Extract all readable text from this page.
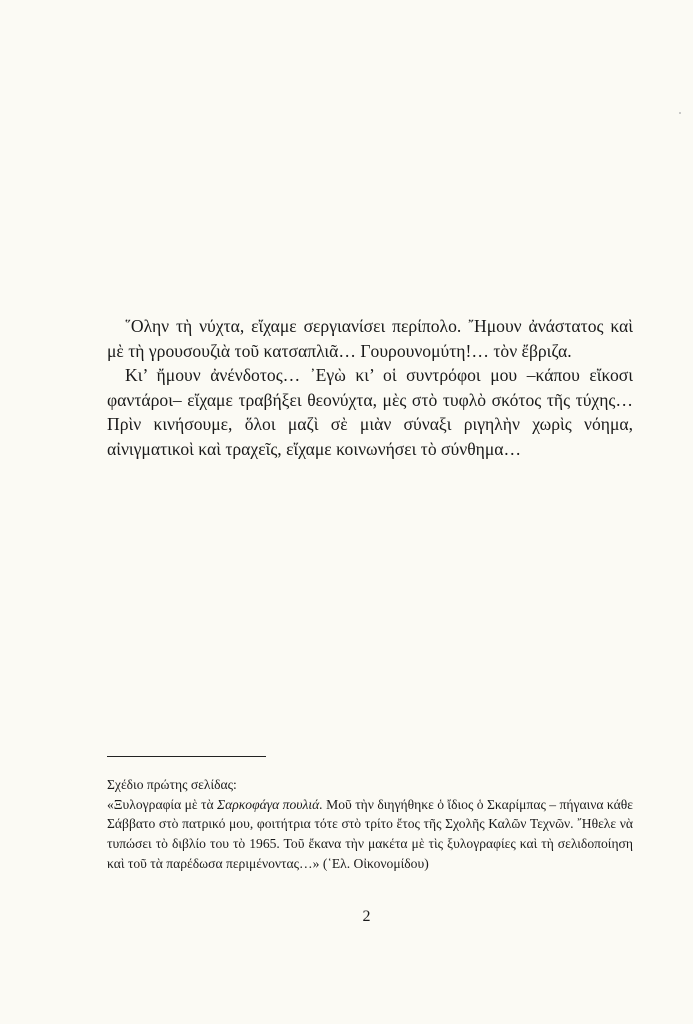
῞Ολην τὴ νύχτα, εἴχαμε σεργιανίσει περίπολο. ῎Ημουν ἀνάστατος καὶ μὲ τὴ γρουσουζιὰ τοῦ κατσαπλιᾶ… Γουρουνομύτη!… τὸν ἔβριζα.

Κι’ ἤμουν ἀνένδοτος… ᾿Εγὼ κι’ οἱ συντρόφοι μου –κάπου εἴκοσι φαντάροι– εἴχαμε τραβήξει θεονύχτα, μὲς στὸ τυφλὸ σκότος τῆς τύχης… Πρὶν κινήσουμε, ὅλοι μαζὶ σὲ μιὰν σύναξι ριγηλὴν χωρὶς νόημα, αἰνιγματικοὶ καὶ τραχεῖς, εἴχαμε κοινωνήσει τὸ σύνθημα…

Σχέδιο πρώτης σελίδας:

«Ξυλογραφία μὲ τὰ Σαρκοφάγα πουλιά. Μοῦ τὴν διηγήθηκε ὁ ἴδιος ὁ Σκαρίμπας – πήγαινα κάθε Σάββατο στὸ πατρικό μου, φοιτήτρια τότε στὸ τρίτο ἔτος τῆς Σχολῆς Καλῶν Τεχνῶν. ῎Ηθελε νὰ τυπώσει τὸ διβλίο του τὸ 1965. Τοῦ ἔκανα τὴν μακέτα μὲ τὶς ξυλογραφίες καὶ τὴ σελιδοποίηση καὶ τοῦ τὰ παρέδωσα περιμένοντας…» (῾Ελ. Οἰκονομίδου)

2
